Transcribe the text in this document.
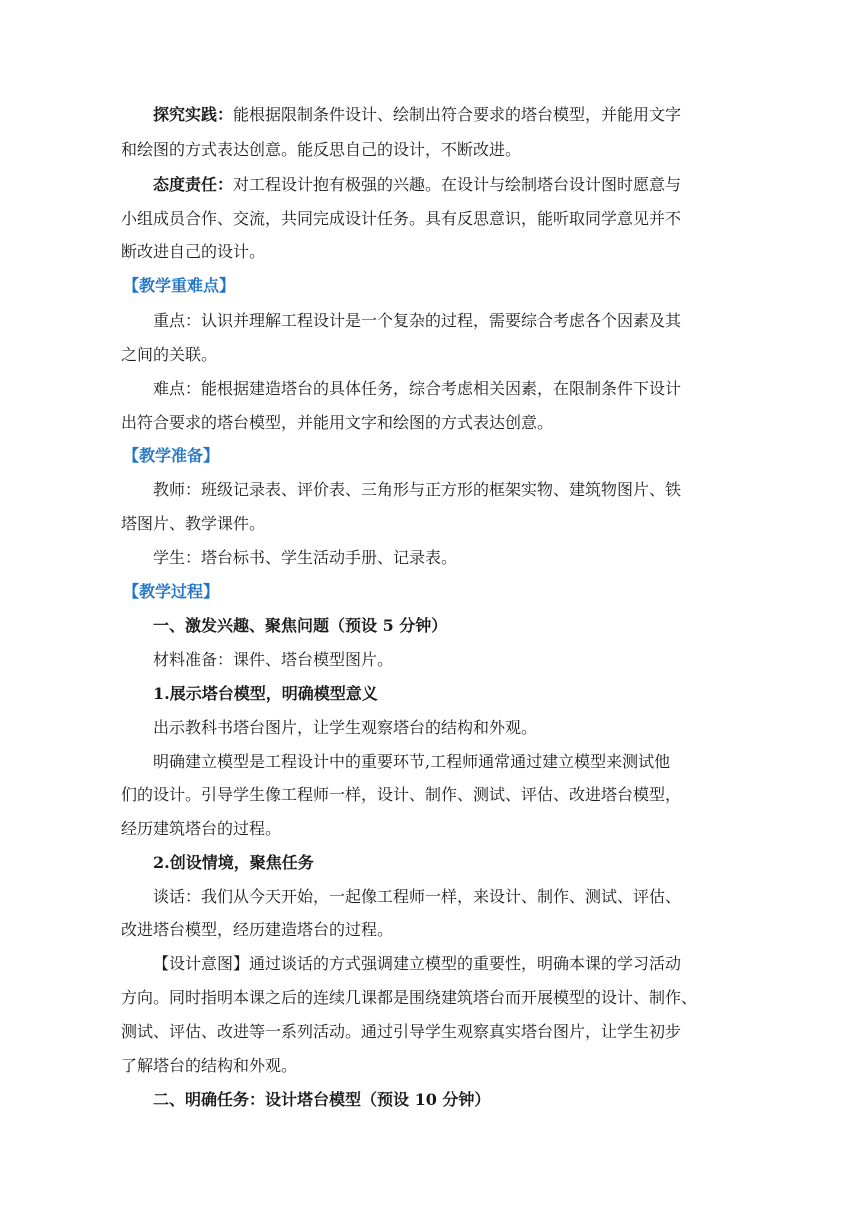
探究实践：能根据限制条件设计、绘制出符合要求的塔台模型，并能用文字
和绘图的方式表达创意。能反思自己的设计，不断改进。
态度责任：对工程设计抱有极强的兴趣。在设计与绘制塔台设计图时愿意与
小组成员合作、交流，共同完成设计任务。具有反思意识，能听取同学意见并不
断改进自己的设计。
【教学重难点】
重点：认识并理解工程设计是一个复杂的过程，需要综合考虑各个因素及其
之间的关联。
难点：能根据建造塔台的具体任务，综合考虑相关因素，在限制条件下设计
出符合要求的塔台模型，并能用文字和绘图的方式表达创意。
【教学准备】
教师：班级记录表、评价表、三角形与正方形的框架实物、建筑物图片、铁
塔图片、教学课件。
学生：塔台标书、学生活动手册、记录表。
【教学过程】
一、激发兴趣、聚焦问题（预设 5 分钟）
材料准备：课件、塔台模型图片。
1.展示塔台模型，明确模型意义
出示教科书塔台图片，让学生观察塔台的结构和外观。
明确建立模型是工程设计中的重要环节,工程师通常通过建立模型来测试他
们的设计。引导学生像工程师一样，设计、制作、测试、评估、改进塔台模型，
经历建筑塔台的过程。
2.创设情境，聚焦任务
谈话：我们从今天开始，一起像工程师一样，来设计、制作、测试、评估、
改进塔台模型，经历建造塔台的过程。
【设计意图】通过谈话的方式强调建立模型的重要性，明确本课的学习活动
方向。同时指明本课之后的连续几课都是围绕建筑塔台而开展模型的设计、制作、
测试、评估、改进等一系列活动。通过引导学生观察真实塔台图片，让学生初步
了解塔台的结构和外观。
二、明确任务：设计塔台模型（预设 10 分钟）
